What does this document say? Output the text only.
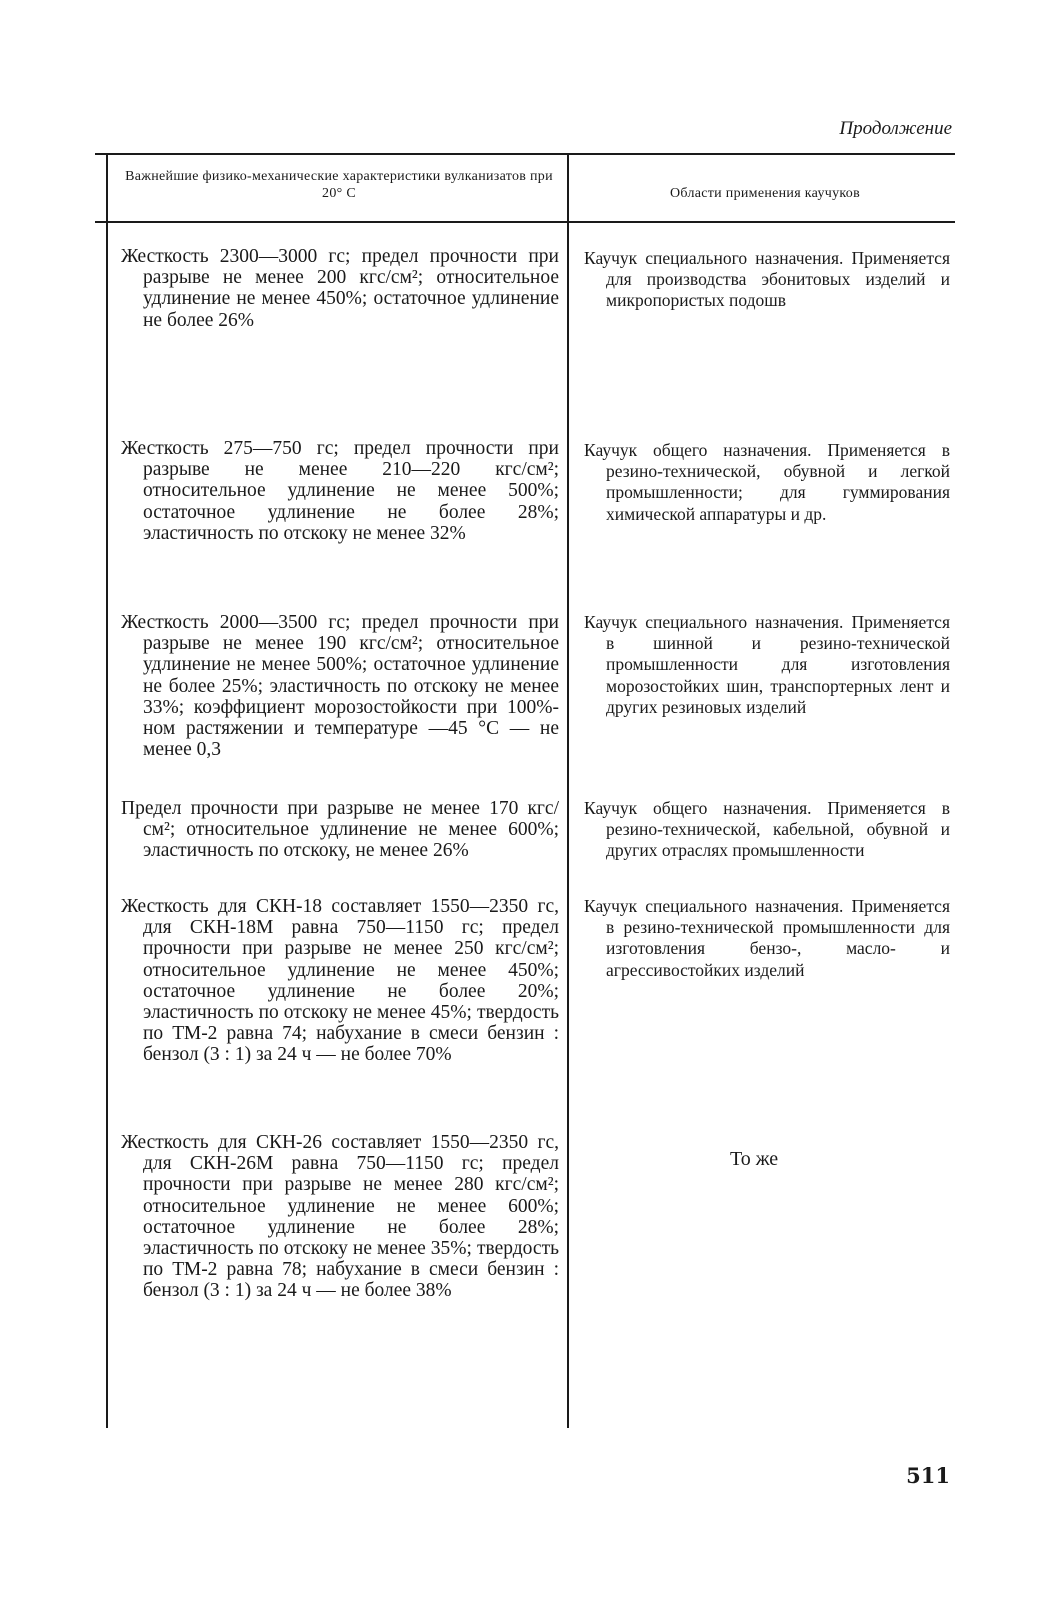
Продолжение
Важнейшие физико-механические характеристики вулканизатов при 20° С	Области применения каучуков
Жесткость 2300—3000 гс; предел прочности при разрыве не менее 200 кгс/см²; относительное удлинение не менее 450%; остаточное удлинение не более 26%
Жесткость 275—750 гс; предел прочности при разрыве не менее 210—220 кгс/см²; относительное удлинение не менее 500%; остаточное удлинение не более 28%; эластичность по отскоку не менее 32%
Жесткость 2000—3500 гс; предел прочности при разрыве не менее 190 кгс/см²; относительное удлинение не менее 500%; остаточное удлинение не более 25%; эластичность по отскоку не менее 33%; коэффициент морозостойкости при 100%-ном растяжении и температуре —45 °С — не менее 0,3
Предел прочности при разрыве не менее 170 кгс/см²; относительное удлинение не менее 600%; эластичность по отскоку, не менее 26%
Жесткость для СКН-18 составляет 1550—2350 гс, для СКН-18М равна 750—1150 гс; предел прочности при разрыве не менее 250 кгс/см²; относительное удлинение не менее 450%; остаточное удлинение не более 20%; эластичность по отскоку не менее 45%; твердость по ТМ-2 равна 74; набухание в смеси бензин : бензол (3 : 1) за 24 ч — не более 70%
Жесткость для СКН-26 составляет 1550—2350 гс, для СКН-26М равна 750—1150 гс; предел прочности при разрыве не менее 280 кгс/см²; относительное удлинение не менее 600%; остаточное удлинение не более 28%; эластичность по отскоку не менее 35%; твердость по ТМ-2 равна 78; набухание в смеси бензин : бензол (3 : 1) за 24 ч — не более 38%
Каучук специального назначения. Применяется для производства эбонитовых изделий и микропористых подошв
Каучук общего назначения. Применяется в резино-технической, обувной и легкой промышленности; для гуммирования химической аппаратуры и др.
Каучук специального назначения. Применяется в шинной и резино-технической промышленности для изготовления морозостойких шин, транспортерных лент и других резиновых изделий
Каучук общего назначения. Применяется в резино-технической, кабельной, обувной и других отраслях промышленности
Каучук специального назначения. Применяется в резино-технической промышленности для изготовления бензо-, масло- и агрессивостойких изделий
То же
511
